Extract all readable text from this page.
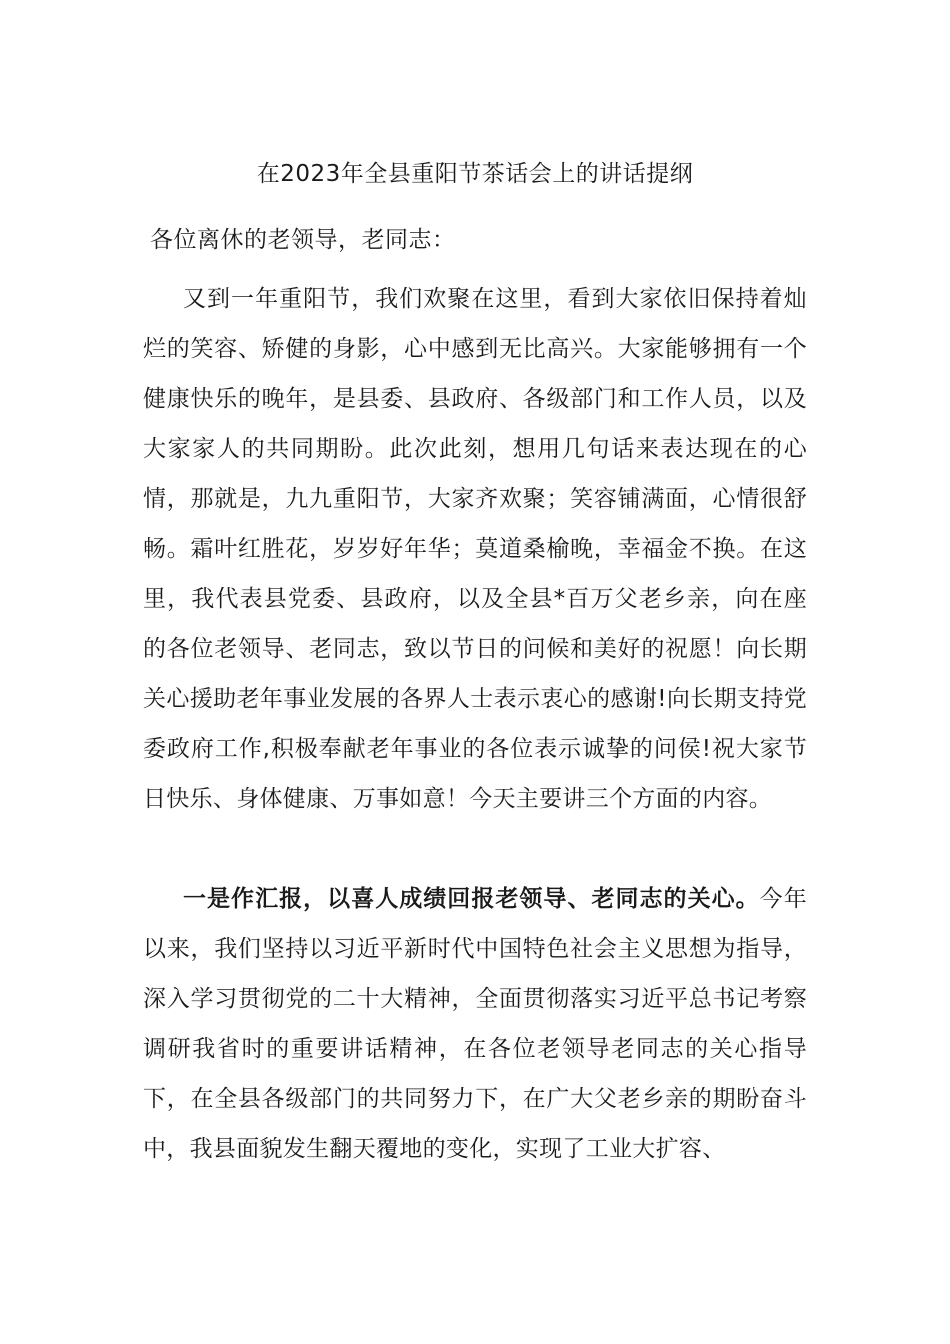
在2023年全县重阳节茶话会上的讲话提纲
各位离休的老领导，老同志：

又到一年重阳节，我们欢聚在这里，看到大家依旧保持着灿烂的笑容、矫健的身影，心中感到无比高兴。大家能够拥有一个健康快乐的晚年，是县委、县政府、各级部门和工作人员，以及大家家人的共同期盼。此次此刻，想用几句话来表达现在的心情，那就是，九九重阳节，大家齐欢聚；笑容铺满面，心情很舒畅。霜叶红胜花，岁岁好年华；莫道桑榆晚，幸福金不换。在这里，我代表县党委、县政府，以及全县*百万父老乡亲，向在座的各位老领导、老同志，致以节日的问候和美好的祝愿！向长期关心援助老年事业发展的各界人士表示衷心的感谢!向长期支持党委政府工作,积极奉献老年事业的各位表示诚挚的问侯!祝大家节日快乐、身体健康、万事如意！今天主要讲三个方面的内容。

一是作汇报，以喜人成绩回报老领导、老同志的关心。今年以来，我们坚持以习近平新时代中国特色社会主义思想为指导，深入学习贯彻党的二十大精神，全面贯彻落实习近平总书记考察调研我省时的重要讲话精神，在各位老领导老同志的关心指导下，在全县各级部门的共同努力下，在广大父老乡亲的期盼奋斗中，我县面貌发生翻天覆地的变化，实现了工业大扩容、
